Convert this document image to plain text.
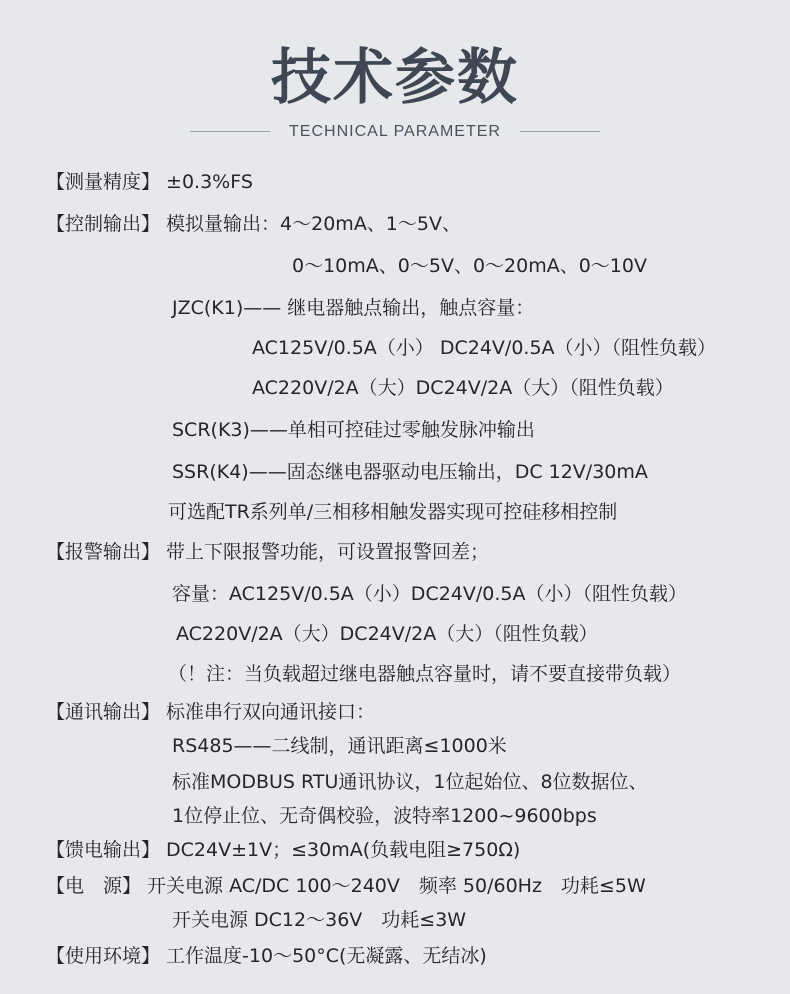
技术参数
TECHNICAL PARAMETER
【测量精度】 ±0.3%FS
【控制输出】 模拟量输出：4～20mA、1～5V、
0～10mA、0～5V、0～20mA、0～10V
JZC(K1)—— 继电器触点输出，触点容量：
AC125V/0.5A（小） DC24V/0.5A（小）（阻性负载）
AC220V/2A（大）DC24V/2A（大）（阻性负载）
SCR(K3)——单相可控硅过零触发脉冲输出
SSR(K4)——固态继电器驱动电压输出，DC 12V/30mA
可选配TR系列单/三相移相触发器实现可控硅移相控制
【报警输出】 带上下限报警功能，可设置报警回差；
容量：AC125V/0.5A（小）DC24V/0.5A（小）（阻性负载）
AC220V/2A（大）DC24V/2A（大）（阻性负载）
（！注：当负载超过继电器触点容量时，请不要直接带负载）
【通讯输出】 标准串行双向通讯接口：
RS485——二线制，通讯距离≤1000米
标准MODBUS RTU通讯协议，1位起始位、8位数据位、
1位停止位、无奇偶校验，波特率1200~9600bps
【馈电输出】 DC24V±1V；≤30mA(负载电阻≥750Ω)
【电　源】 开关电源 AC/DC 100～240V　频率 50/60Hz　功耗≤5W
开关电源 DC12～36V　功耗≤3W
【使用环境】 工作温度-10～50°C(无凝露、无结冰)
